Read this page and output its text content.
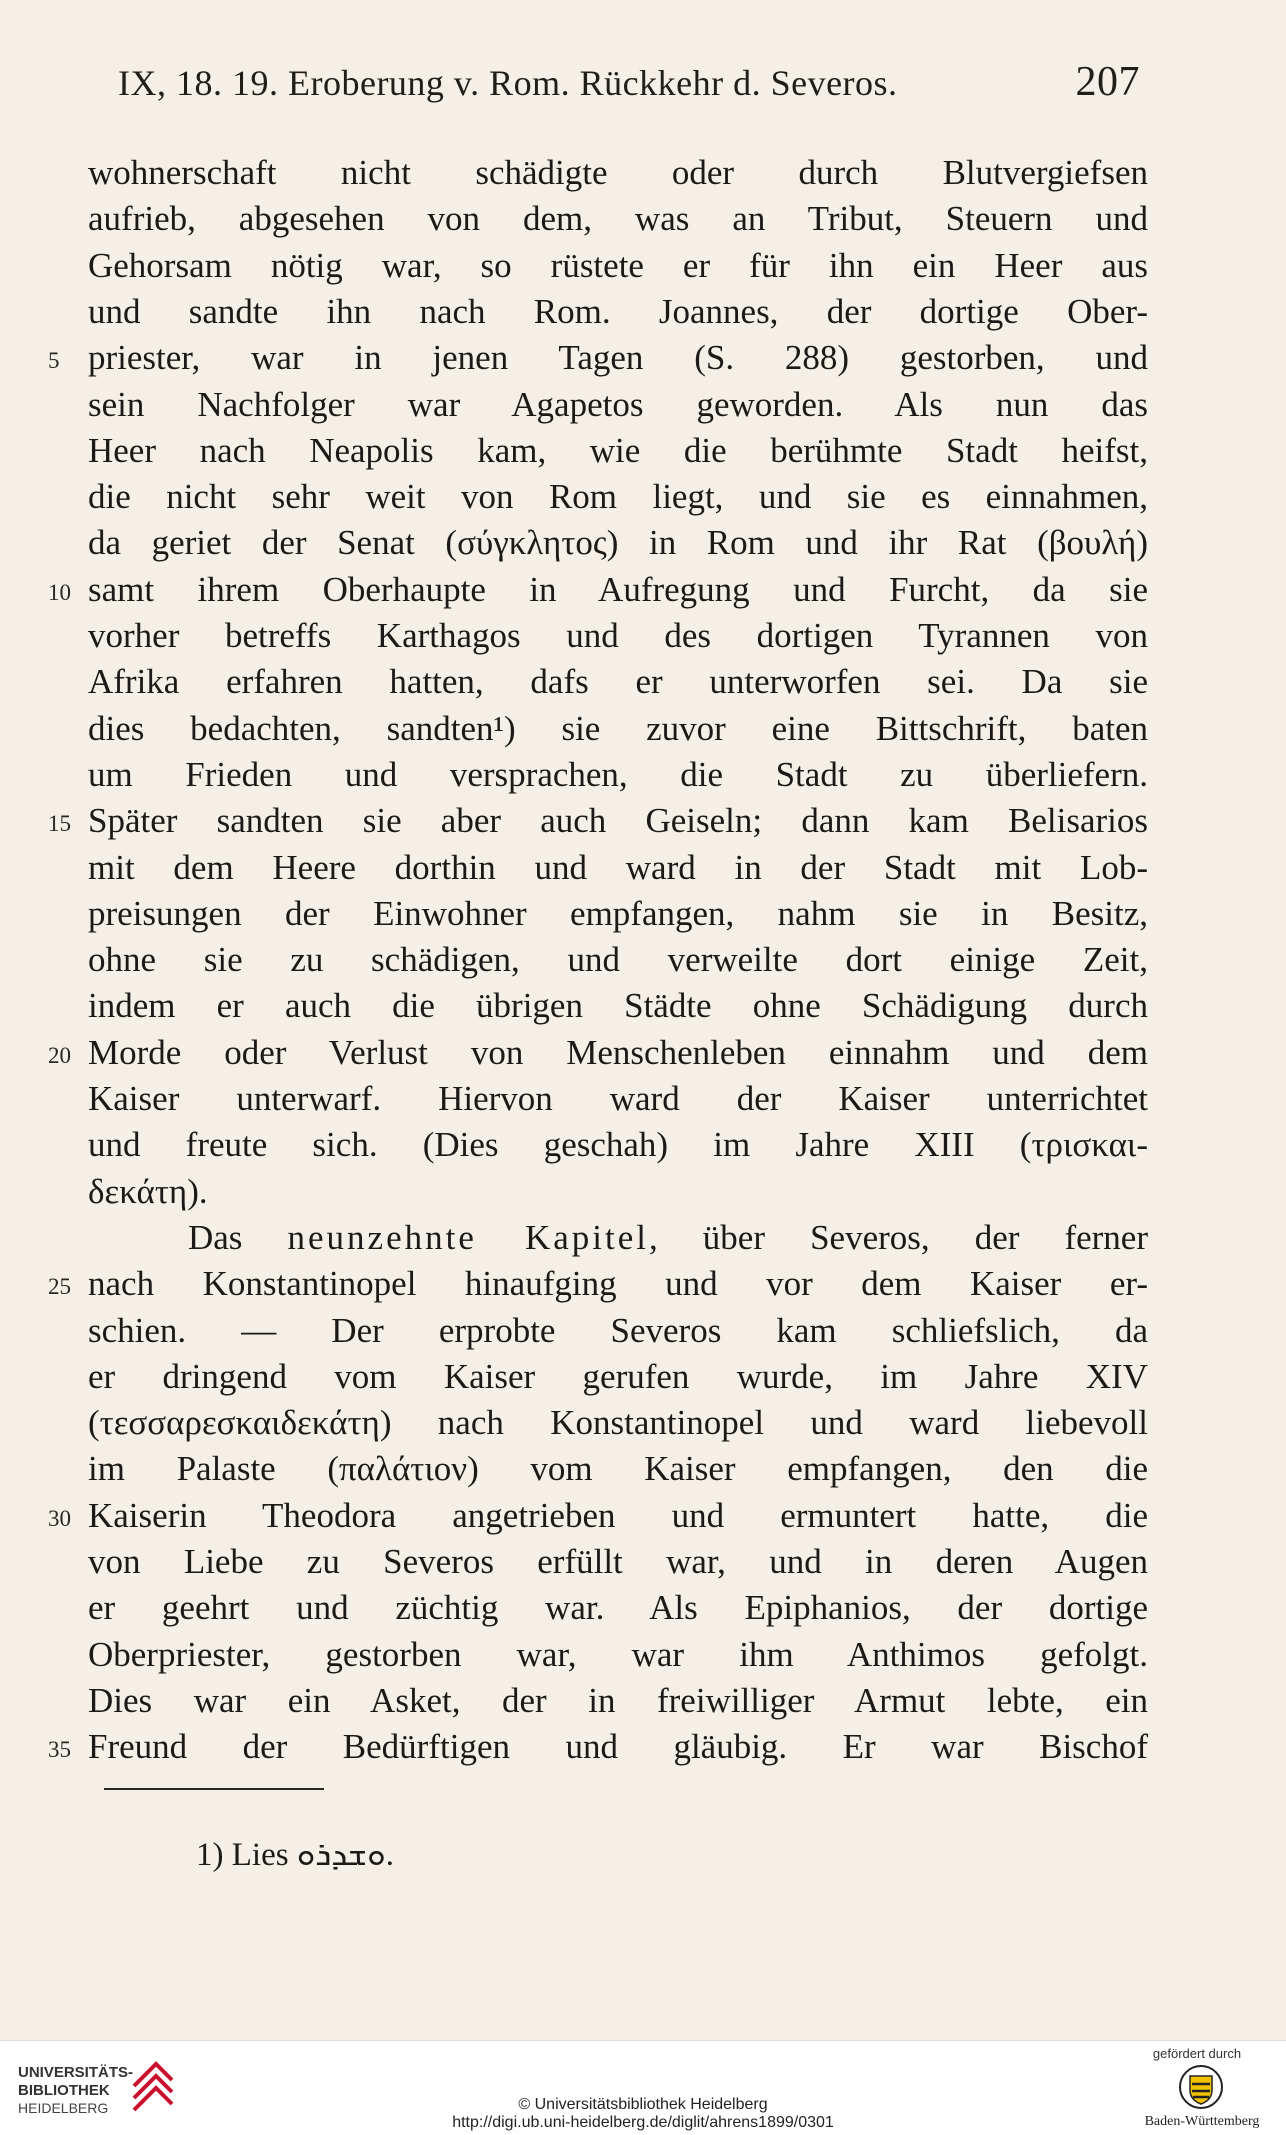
IX, 18. 19. Eroberung v. Rom. Rückkehr d. Severos.	207
wohnerschaft nicht schädigte oder durch Blutvergiefsen
aufrieb, abgesehen von dem, was an Tribut, Steuern und
Gehorsam nötig war, so rüstete er für ihn ein Heer aus
und sandte ihn nach Rom. Joannes, der dortige Ober-
5 priester, war in jenen Tagen (S. 288) gestorben, und
sein Nachfolger war Agapetos geworden. Als nun das
Heer nach Neapolis kam, wie die berühmte Stadt heifst,
die nicht sehr weit von Rom liegt, und sie es einnahmen,
da geriet der Senat (σύγκλητος) in Rom und ihr Rat (βουλή)
10 samt ihrem Oberhaupte in Aufregung und Furcht, da sie
vorher betreffs Karthagos und des dortigen Tyrannen von
Afrika erfahren hatten, dafs er unterworfen sei. Da sie
dies bedachten, sandten¹) sie zuvor eine Bittschrift, baten
um Frieden und versprachen, die Stadt zu überliefern.
15 Später sandten sie aber auch Geiseln; dann kam Belisarios
mit dem Heere dorthin und ward in der Stadt mit Lob-
preisungen der Einwohner empfangen, nahm sie in Besitz,
ohne sie zu schädigen, und verweilte dort einige Zeit,
indem er auch die übrigen Städte ohne Schädigung durch
20 Morde oder Verlust von Menschenleben einnahm und dem
Kaiser unterwarf. Hiervon ward der Kaiser unterrichtet
und freute sich. (Dies geschah) im Jahre XIII (τρισκαι-
δεκάτη).
Das neunzehnte Kapitel, über Severos, der ferner
25 nach Konstantinopel hinaufging und vor dem Kaiser er-
schien. — Der erprobte Severos kam schliefslich, da
er dringend vom Kaiser gerufen wurde, im Jahre XIV
(τεσσαρεσκαιδεκάτη) nach Konstantinopel und ward liebevoll
im Palaste (παλάτιον) vom Kaiser empfangen, den die
30 Kaiserin Theodora angetrieben und ermuntert hatte, die
von Liebe zu Severos erfüllt war, und in deren Augen
er geehrt und züchtig war. Als Epiphanios, der dortige
Oberpriester, gestorben war, war ihm Anthimos gefolgt.
Dies war ein Asket, der in freiwilliger Armut lebte, ein
35 Freund der Bedürftigen und gläubig. Er war Bischof
1) Lies ܘܫܕܪܘ.
UNIVERSITÄTS-
BIBLIOTHEK
HEIDELBERG	© Universitätsbibliothek Heidelberg
http://digi.ub.uni-heidelberg.de/diglit/ahrens1899/0301
gefördert durch
Baden-Württemberg
